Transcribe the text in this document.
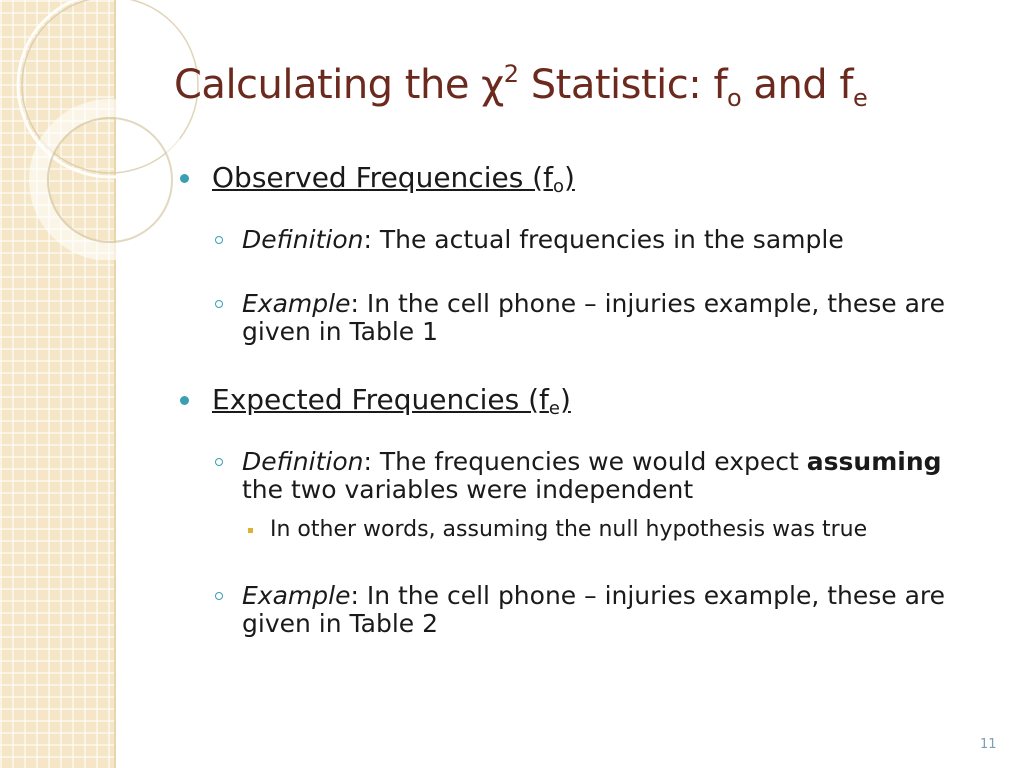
Calculating the $\chi^2$ Statistic: $f_o$ and $f_e$
Observed Frequencies $(f_o)$
Definition: The actual frequencies in the sample
Example: In the cell phone – injuries example, these are given in Table 1
Expected Frequencies $(f_e)$
Definition: The frequencies we would expect assuming the two variables were independent
In other words, assuming the null hypothesis was true
Example: In the cell phone – injuries example, these are given in Table 2
11
